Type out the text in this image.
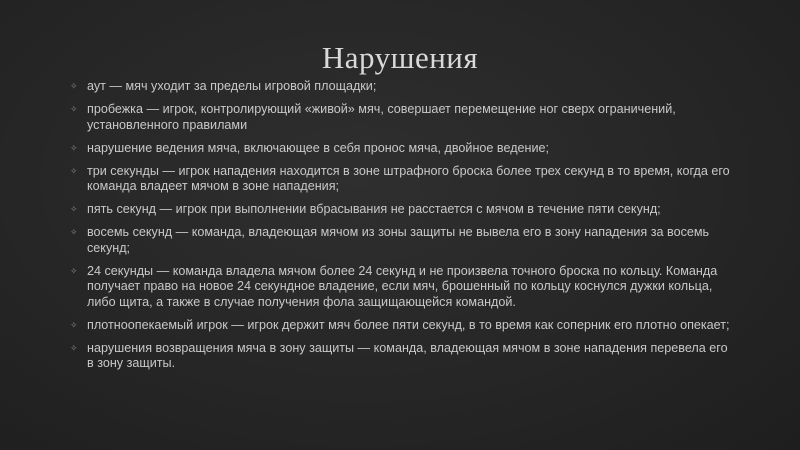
Нарушения
✧ аут — мяч уходит за пределы игровой площадки;
✧ пробежка — игрок, контролирующий «живой» мяч, совершает перемещение ног сверх ограничений, установленного правилами
✧ нарушение ведения мяча, включающее в себя пронос мяча, двойное ведение;
✧ три секунды — игрок нападения находится в зоне штрафного броска более трех секунд в то время, когда его команда владеет мячом в зоне нападения;
✧ пять секунд — игрок при выполнении вбрасывания не расстается с мячом в течение пяти секунд;
✧ восемь секунд — команда, владеющая мячом из зоны защиты не вывела его в зону нападения за восемь секунд;
✧ 24 секунды — команда владела мячом более 24 секунд и не произвела точного броска по кольцу. Команда получает право на новое 24 секундное владение, если мяч, брошенный по кольцу коснулся дужки кольца, либо щита, а также в случае получения фола защищающейся командой.
✧ плотноопекаемый игрок — игрок держит мяч более пяти секунд, в то время как соперник его плотно опекает;
✧ нарушения возвращения мяча в зону защиты — команда, владеющая мячом в зоне нападения перевела его в зону защиты.
